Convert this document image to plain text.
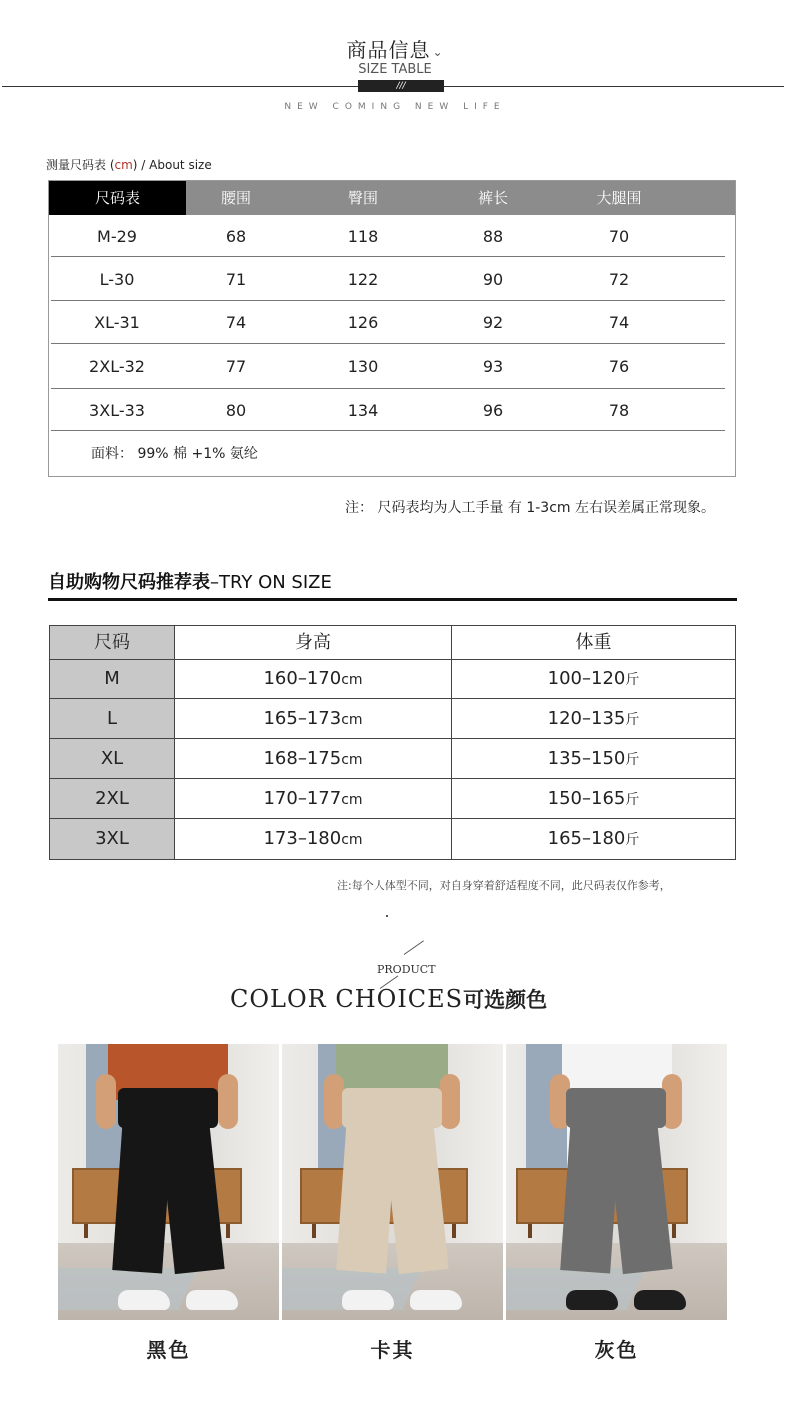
商品信息 ⌄
SIZE TABLE
///
NEW COMING NEW LIFE
测量尺码表 (cm) / About size
尺码表	腰围	臀围	裤长	大腿围
M-29	68	118	88	70
L-30	71	122	90	72
XL-31	74	126	92	74
2XL-32	77	130	93	76
3XL-33	80	134	96	78
面料： 99% 棉 +1% 氨纶
注： 尺码表均为人工手量 有 1-3cm 左右误差属正常现象。
自助购物尺码推荐表–TRY ON SIZE
尺码	身高	体重
M	160–170cm	100–120斤
L	165–173cm	120–135斤
XL	168–175cm	135–150斤
2XL	170–177cm	150–165斤
3XL	173–180cm	165–180斤
注:每个人体型不同，对自身穿着舒适程度不同，此尺码表仅作参考，
PRODUCT
COLOR CHOICES可选颜色
黑色	卡其	灰色
